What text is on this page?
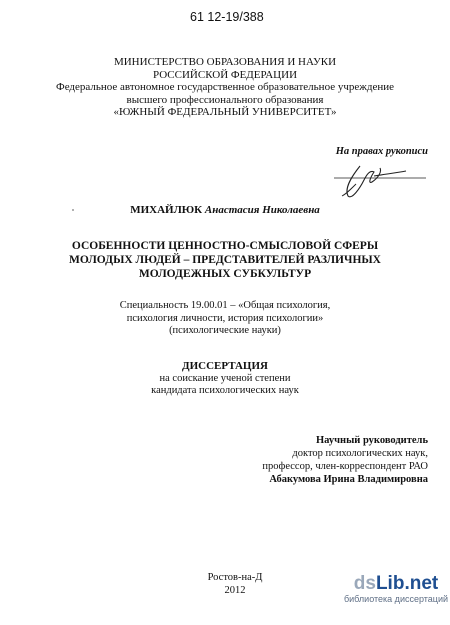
61 12-19/388
МИНИСТЕРСТВО ОБРАЗОВАНИЯ И НАУКИ
РОССИЙСКОЙ ФЕДЕРАЦИИ
Федеральное автономное государственное образовательное учреждение
высшего профессионального образования
«ЮЖНЫЙ ФЕДЕРАЛЬНЫЙ УНИВЕРСИТЕТ»
На правах рукописи
МИХАЙЛЮК Анастасия Николаевна
ОСОБЕННОСТИ ЦЕННОСТНО-СМЫСЛОВОЙ СФЕРЫ
МОЛОДЫХ ЛЮДЕЙ – ПРЕДСТАВИТЕЛЕЙ РАЗЛИЧНЫХ
МОЛОДЕЖНЫХ СУБКУЛЬТУР
Специальность 19.00.01 – «Общая психология,
психология личности, история психологии»
(психологические науки)
ДИССЕРТАЦИЯ
на соискание ученой степени
кандидата психологических наук
Научный руководитель
доктор психологических наук,
профессор, член-корреспондент РАО
Абакумова Ирина Владимировна
Ростов-на-Д
2012	dsLib.net
библиотека диссертаций
